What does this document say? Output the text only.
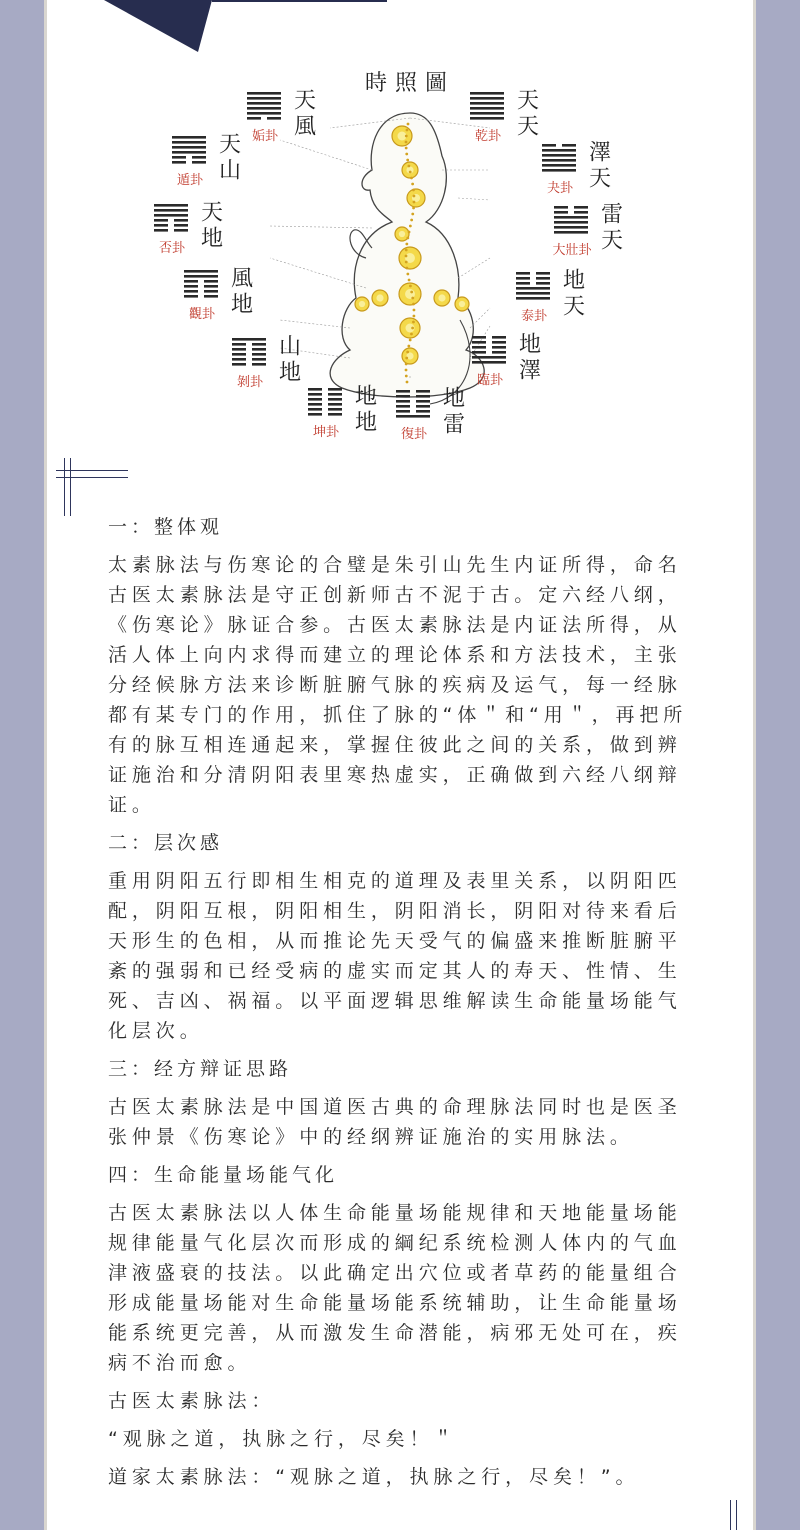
時照圖
天風
姤卦	天天
乾卦
天山
遁卦	澤天
夬卦
天地
否卦	雷天
大壯卦
風地
觀卦	地天
泰卦
山地
剝卦	地澤
臨卦
地地
坤卦	地雷
復卦
一：整体观
太素脉法与伤寒论的合璧是朱引山先生内证所得，命名
古医太素脉法是守正创新师古不泥于古。定六经八纲，
《伤寒论》脉证合参。古医太素脉法是内证法所得，从
活人体上向内求得而建立的理论体系和方法技术，主张
分经候脉方法来诊断脏腑气脉的疾病及运气，每一经脉
都有某专门的作用，抓住了脉的“体＂和“用＂，再把所
有的脉互相连通起来，掌握住彼此之间的关系，做到辨
证施治和分清阴阳表里寒热虚实，正确做到六经八纲辩
证。
二：层次感
重用阴阳五行即相生相克的道理及表里关系，以阴阳匹
配，阴阳互根，阴阳相生，阴阳消长，阴阳对待来看后
天形生的色相，从而推论先天受气的偏盛来推断脏腑平
紊的强弱和已经受病的虚实而定其人的寿天、性情、生
死、吉凶、祸福。以平面逻辑思维解读生命能量场能气
化层次。
三：经方辩证思路
古医太素脉法是中国道医古典的命理脉法同时也是医圣
张仲景《伤寒论》中的经纲辨证施治的实用脉法。
四：生命能量场能气化
古医太素脉法以人体生命能量场能规律和天地能量场能
规律能量气化层次而形成的綱纪系统检测人体内的气血
津液盛衰的技法。以此确定出穴位或者草药的能量组合
形成能量场能对生命能量场能系统辅助，让生命能量场
能系统更完善，从而激发生命潜能，病邪无处可在，疾
病不治而愈。
古医太素脉法：
“观脉之道，执脉之行，尽矣！＂
道家太素脉法：“观脉之道，执脉之行，尽矣！”。
